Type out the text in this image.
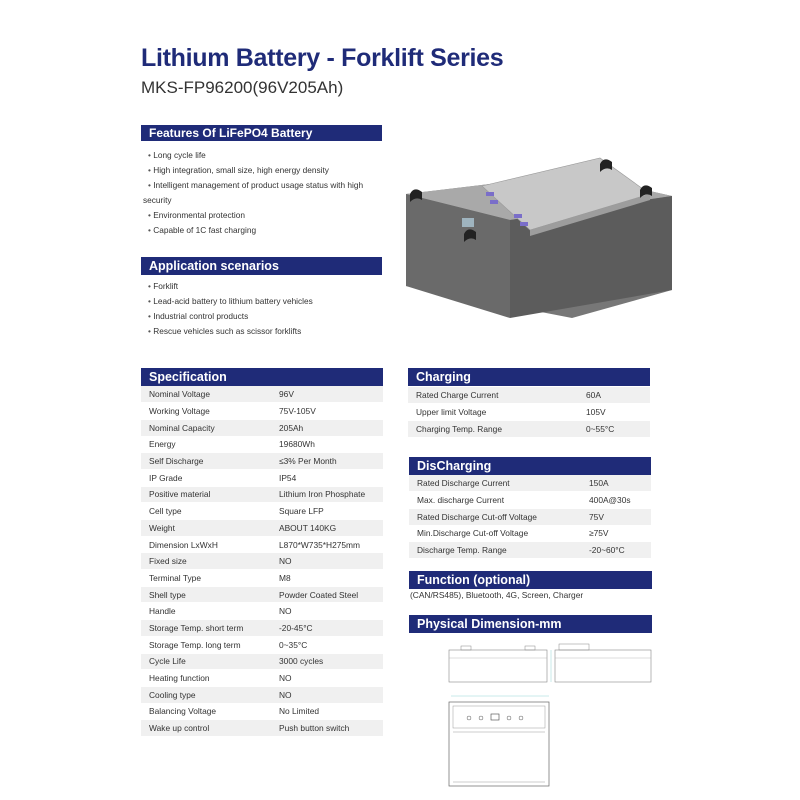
Lithium Battery - Forklift Series
MKS-FP96200(96V205Ah)
Features Of LiFePO4 Battery
• Long cycle life
• High integration, small size, high energy density
• Intelligent management of product usage status with high
security
• Environmental protection
• Capable of 1C fast charging
Application scenarios
• Forklift
• Lead-acid battery to lithium battery vehicles
• Industrial control products
• Rescue vehicles such as scissor forklifts
Specification
Nominal Voltage	96V
Working Voltage	75V-105V
Nominal Capacity	205Ah
Energy	19680Wh
Self Discharge	≤3% Per Month
IP Grade	IP54
Positive material	Lithium Iron Phosphate
Cell type	Square LFP
Weight	ABOUT 140KG
Dimension LxWxH	L870*W735*H275mm
Fixed size	NO
Terminal Type	M8
Shell type	Powder Coated Steel
Handle	NO
Storage Temp. short term	-20-45°C
Storage Temp. long term	0~35°C
Cycle Life	3000 cycles
Heating function	NO
Cooling type	NO
Balancing Voltage	No Limited
Wake up control	Push button switch
Charging
Rated Charge Current	60A
Upper limit Voltage	105V
Charging Temp. Range	0~55°C
DisCharging
Rated Discharge Current	150A
Max. discharge Current	400A@30s
Rated Discharge Cut-off Voltage	75V
Min.Discharge Cut-off Voltage	≥75V
Discharge Temp. Range	-20~60°C
Function (optional)
(CAN/RS485), Bluetooth, 4G, Screen, Charger
Physical Dimension-mm
